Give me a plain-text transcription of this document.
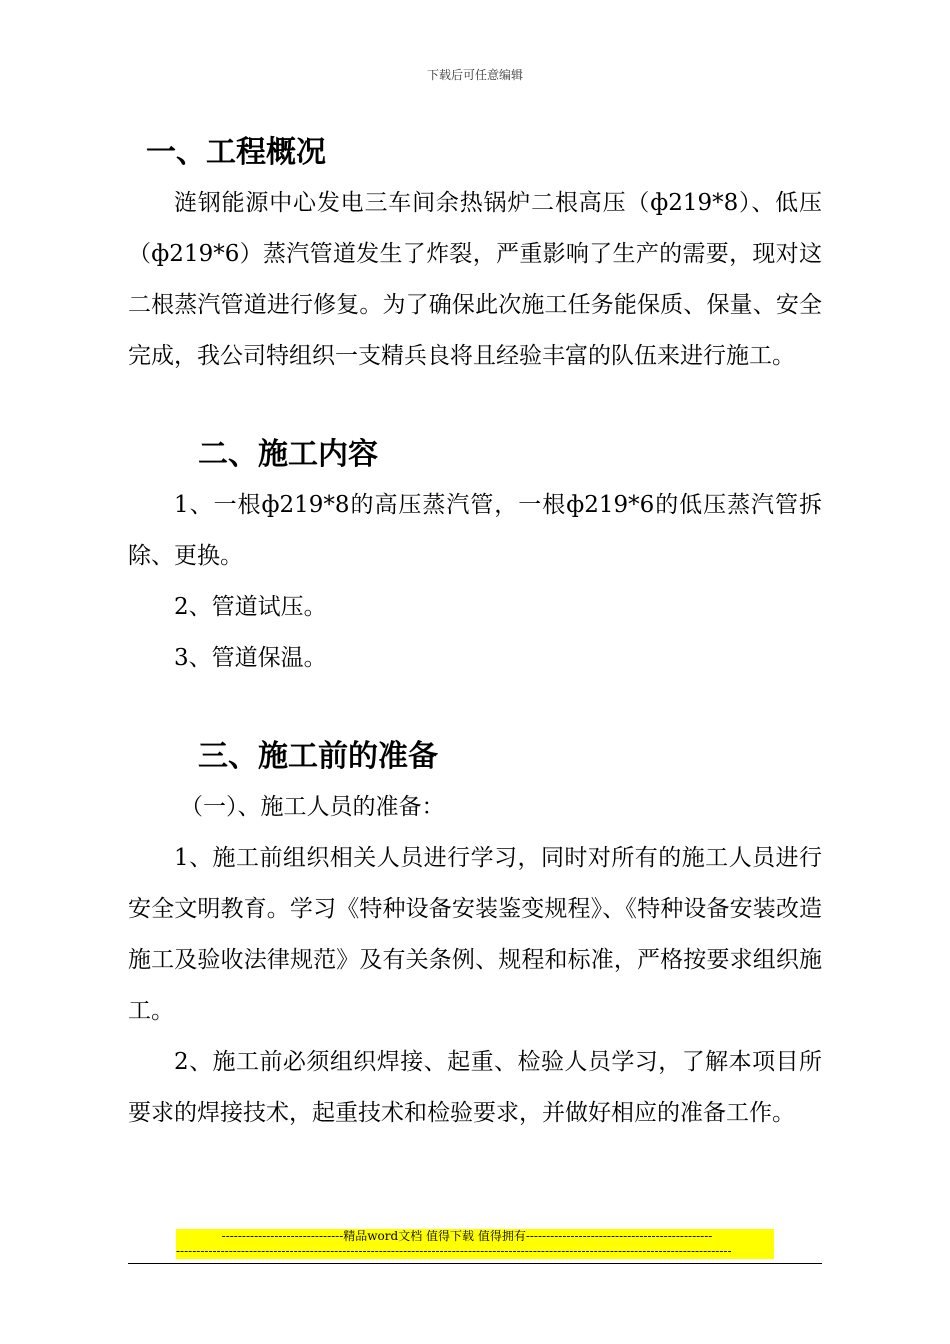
下载后可任意编辑
一、工程概况

涟钢能源中心发电三车间余热锅炉二根高压（ф219*8）、低压（ф219*6）蒸汽管道发生了炸裂，严重影响了生产的需要，现对这二根蒸汽管道进行修复。为了确保此次施工任务能保质、保量、安全完成，我公司特组织一支精兵良将且经验丰富的队伍来进行施工。

二、施工内容

1、一根ф219*8的高压蒸汽管，一根ф219*6的低压蒸汽管拆除、更换。

2、管道试压。

3、管道保温。

三、施工前的准备

（一）、施工人员的准备：

1、施工前组织相关人员进行学习，同时对所有的施工人员进行安全文明教育。学习《特种设备安装鉴变规程》、《特种设备安装改造施工及验收法律规范》及有关条例、规程和标准，严格按要求组织施工。

2、施工前必须组织焊接、起重、检验人员学习，了解本项目所要求的焊接技术，起重技术和检验要求，并做好相应的准备工作。

------------------------------精品word文档 值得下载 值得拥有----------------------------------------------
-----------------------------------------------------------------------------------------------------------------------------------------
